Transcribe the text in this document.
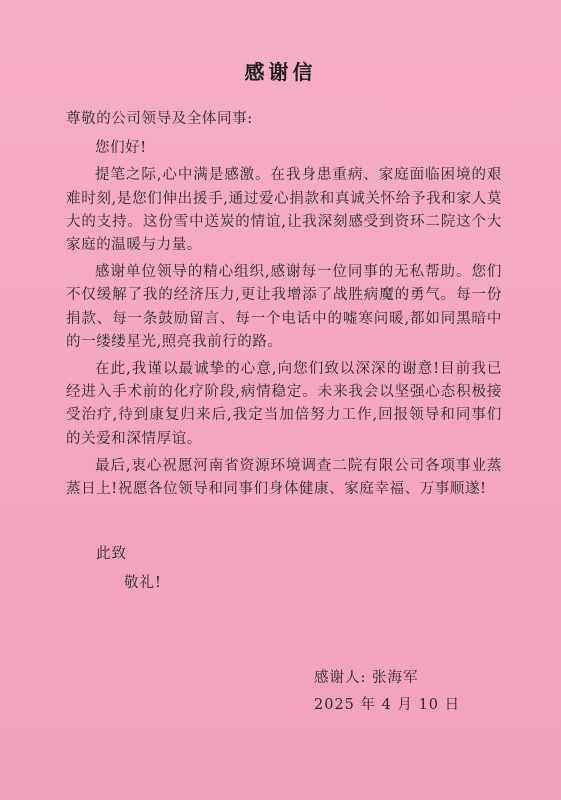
感谢信

尊敬的公司领导及全体同事:

您们好!

提笔之际,心中满是感激。在我身患重病、家庭面临困境的艰难时刻,是您们伸出援手,通过爱心捐款和真诚关怀给予我和家人莫大的支持。这份雪中送炭的情谊,让我深刻感受到资环二院这个大家庭的温暖与力量。

感谢单位领导的精心组织,感谢每一位同事的无私帮助。您们不仅缓解了我的经济压力,更让我增添了战胜病魔的勇气。每一份捐款、每一条鼓励留言、每一个电话中的嘘寒问暖,都如同黑暗中的一缕缕星光,照亮我前行的路。

在此,我谨以最诚挚的心意,向您们致以深深的谢意!目前我已经进入手术前的化疗阶段,病情稳定。未来我会以坚强心态积极接受治疗,待到康复归来后,我定当加倍努力工作,回报领导和同事们的关爱和深情厚谊。

最后,衷心祝愿河南省资源环境调查二院有限公司各项事业蒸蒸日上!祝愿各位领导和同事们身体健康、家庭幸福、万事顺遂!

此致
敬礼!
感谢人: 张海军
2025 年 4 月 10 日
